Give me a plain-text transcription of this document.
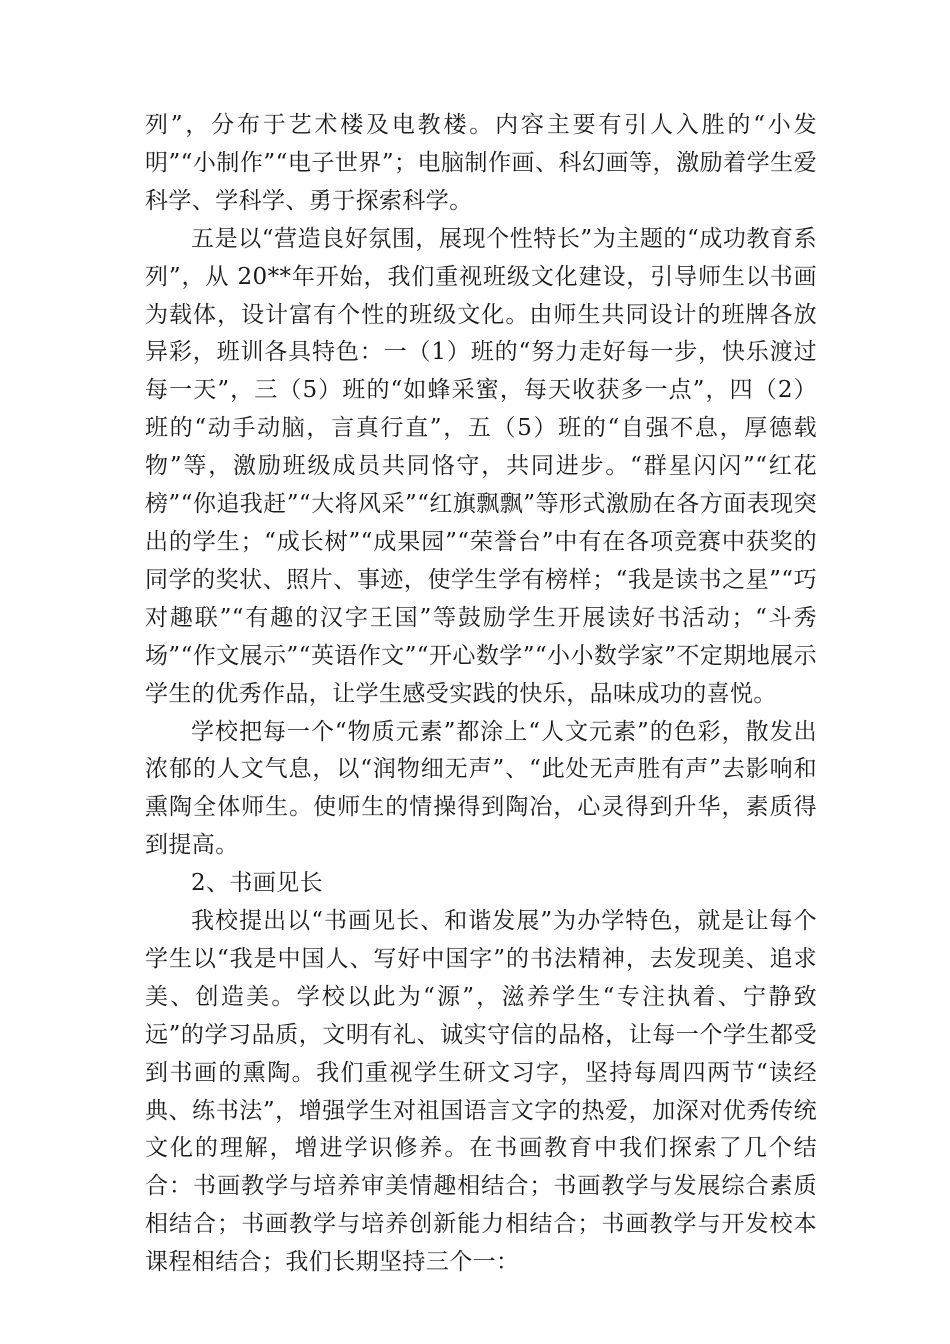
列”，分布于艺术楼及电教楼。内容主要有引人入胜的“小发明”“小制作”“电子世界”；电脑制作画、科幻画等，激励着学生爱科学、学科学、勇于探索科学。

五是以“营造良好氛围，展现个性特长”为主题的“成功教育系列”，从 20**年开始，我们重视班级文化建设，引导师生以书画为载体，设计富有个性的班级文化。由师生共同设计的班牌各放异彩，班训各具特色：一（1）班的“努力走好每一步，快乐渡过每一天”，三（5）班的“如蜂采蜜，每天收获多一点”，四（2）班的“动手动脑，言真行直”，五（5）班的“自强不息，厚德载物”等，激励班级成员共同恪守，共同进步。“群星闪闪”“红花榜”“你追我赶”“大将风采”“红旗飘飘”等形式激励在各方面表现突出的学生；“成长树”“成果园”“荣誉台”中有在各项竞赛中获奖的同学的奖状、照片、事迹，使学生学有榜样；“我是读书之星”“巧对趣联”“有趣的汉字王国”等鼓励学生开展读好书活动；“斗秀场”“作文展示”“英语作文”“开心数学”“小小数学家”不定期地展示学生的优秀作品，让学生感受实践的快乐，品味成功的喜悦。

学校把每一个“物质元素”都涂上“人文元素”的色彩，散发出浓郁的人文气息，以“润物细无声”、“此处无声胜有声”去影响和熏陶全体师生。使师生的情操得到陶冶，心灵得到升华，素质得到提高。

2、书画见长

我校提出以“书画见长、和谐发展”为办学特色，就是让每个学生以“我是中国人、写好中国字”的书法精神，去发现美、追求美、创造美。学校以此为“源”，滋养学生“专注执着、宁静致远”的学习品质，文明有礼、诚实守信的品格，让每一个学生都受到书画的熏陶。我们重视学生研文习字，坚持每周四两节“读经典、练书法”，增强学生对祖国语言文字的热爱，加深对优秀传统文化的理解，增进学识修养。在书画教育中我们探索了几个结合：书画教学与培养审美情趣相结合；书画教学与发展综合素质相结合；书画教学与培养创新能力相结合；书画教学与开发校本课程相结合；我们长期坚持三个一：
